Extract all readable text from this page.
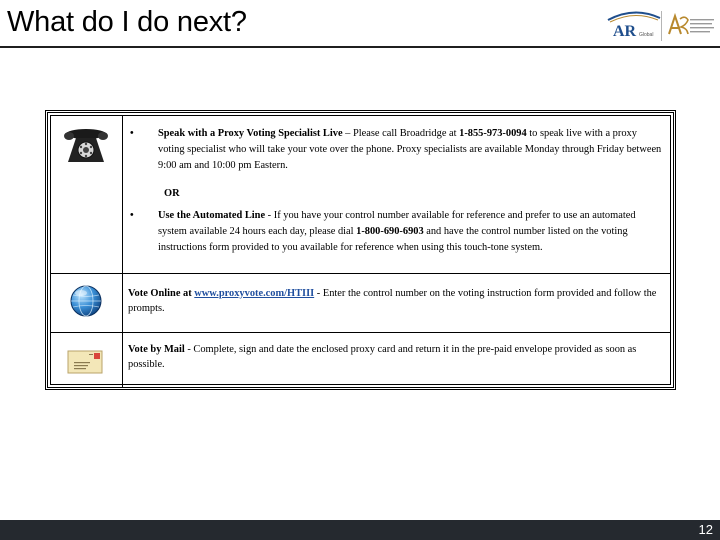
What do I do next?	AR Global
• Speak with a Proxy Voting Specialist Live – Please call Broadridge at 1-855-973-0094 to speak live with a proxy voting specialist who will take your vote over the phone. Proxy specialists are available Monday through Friday between 9:00 am and 10:00 pm Eastern.
OR
• Use the Automated Line - If you have your control number available for reference and prefer to use an automated system available 24 hours each day, please dial 1-800-690-6903 and have the control number listed on the voting instructions form provided to you available for reference when using this touch-tone system.
Vote Online at www.proxyvote.com/HTIII - Enter the control number on the voting instruction form provided and follow the prompts.
Vote by Mail - Complete, sign and date the enclosed proxy card and return it in the pre-paid envelope provided as soon as possible.
12
